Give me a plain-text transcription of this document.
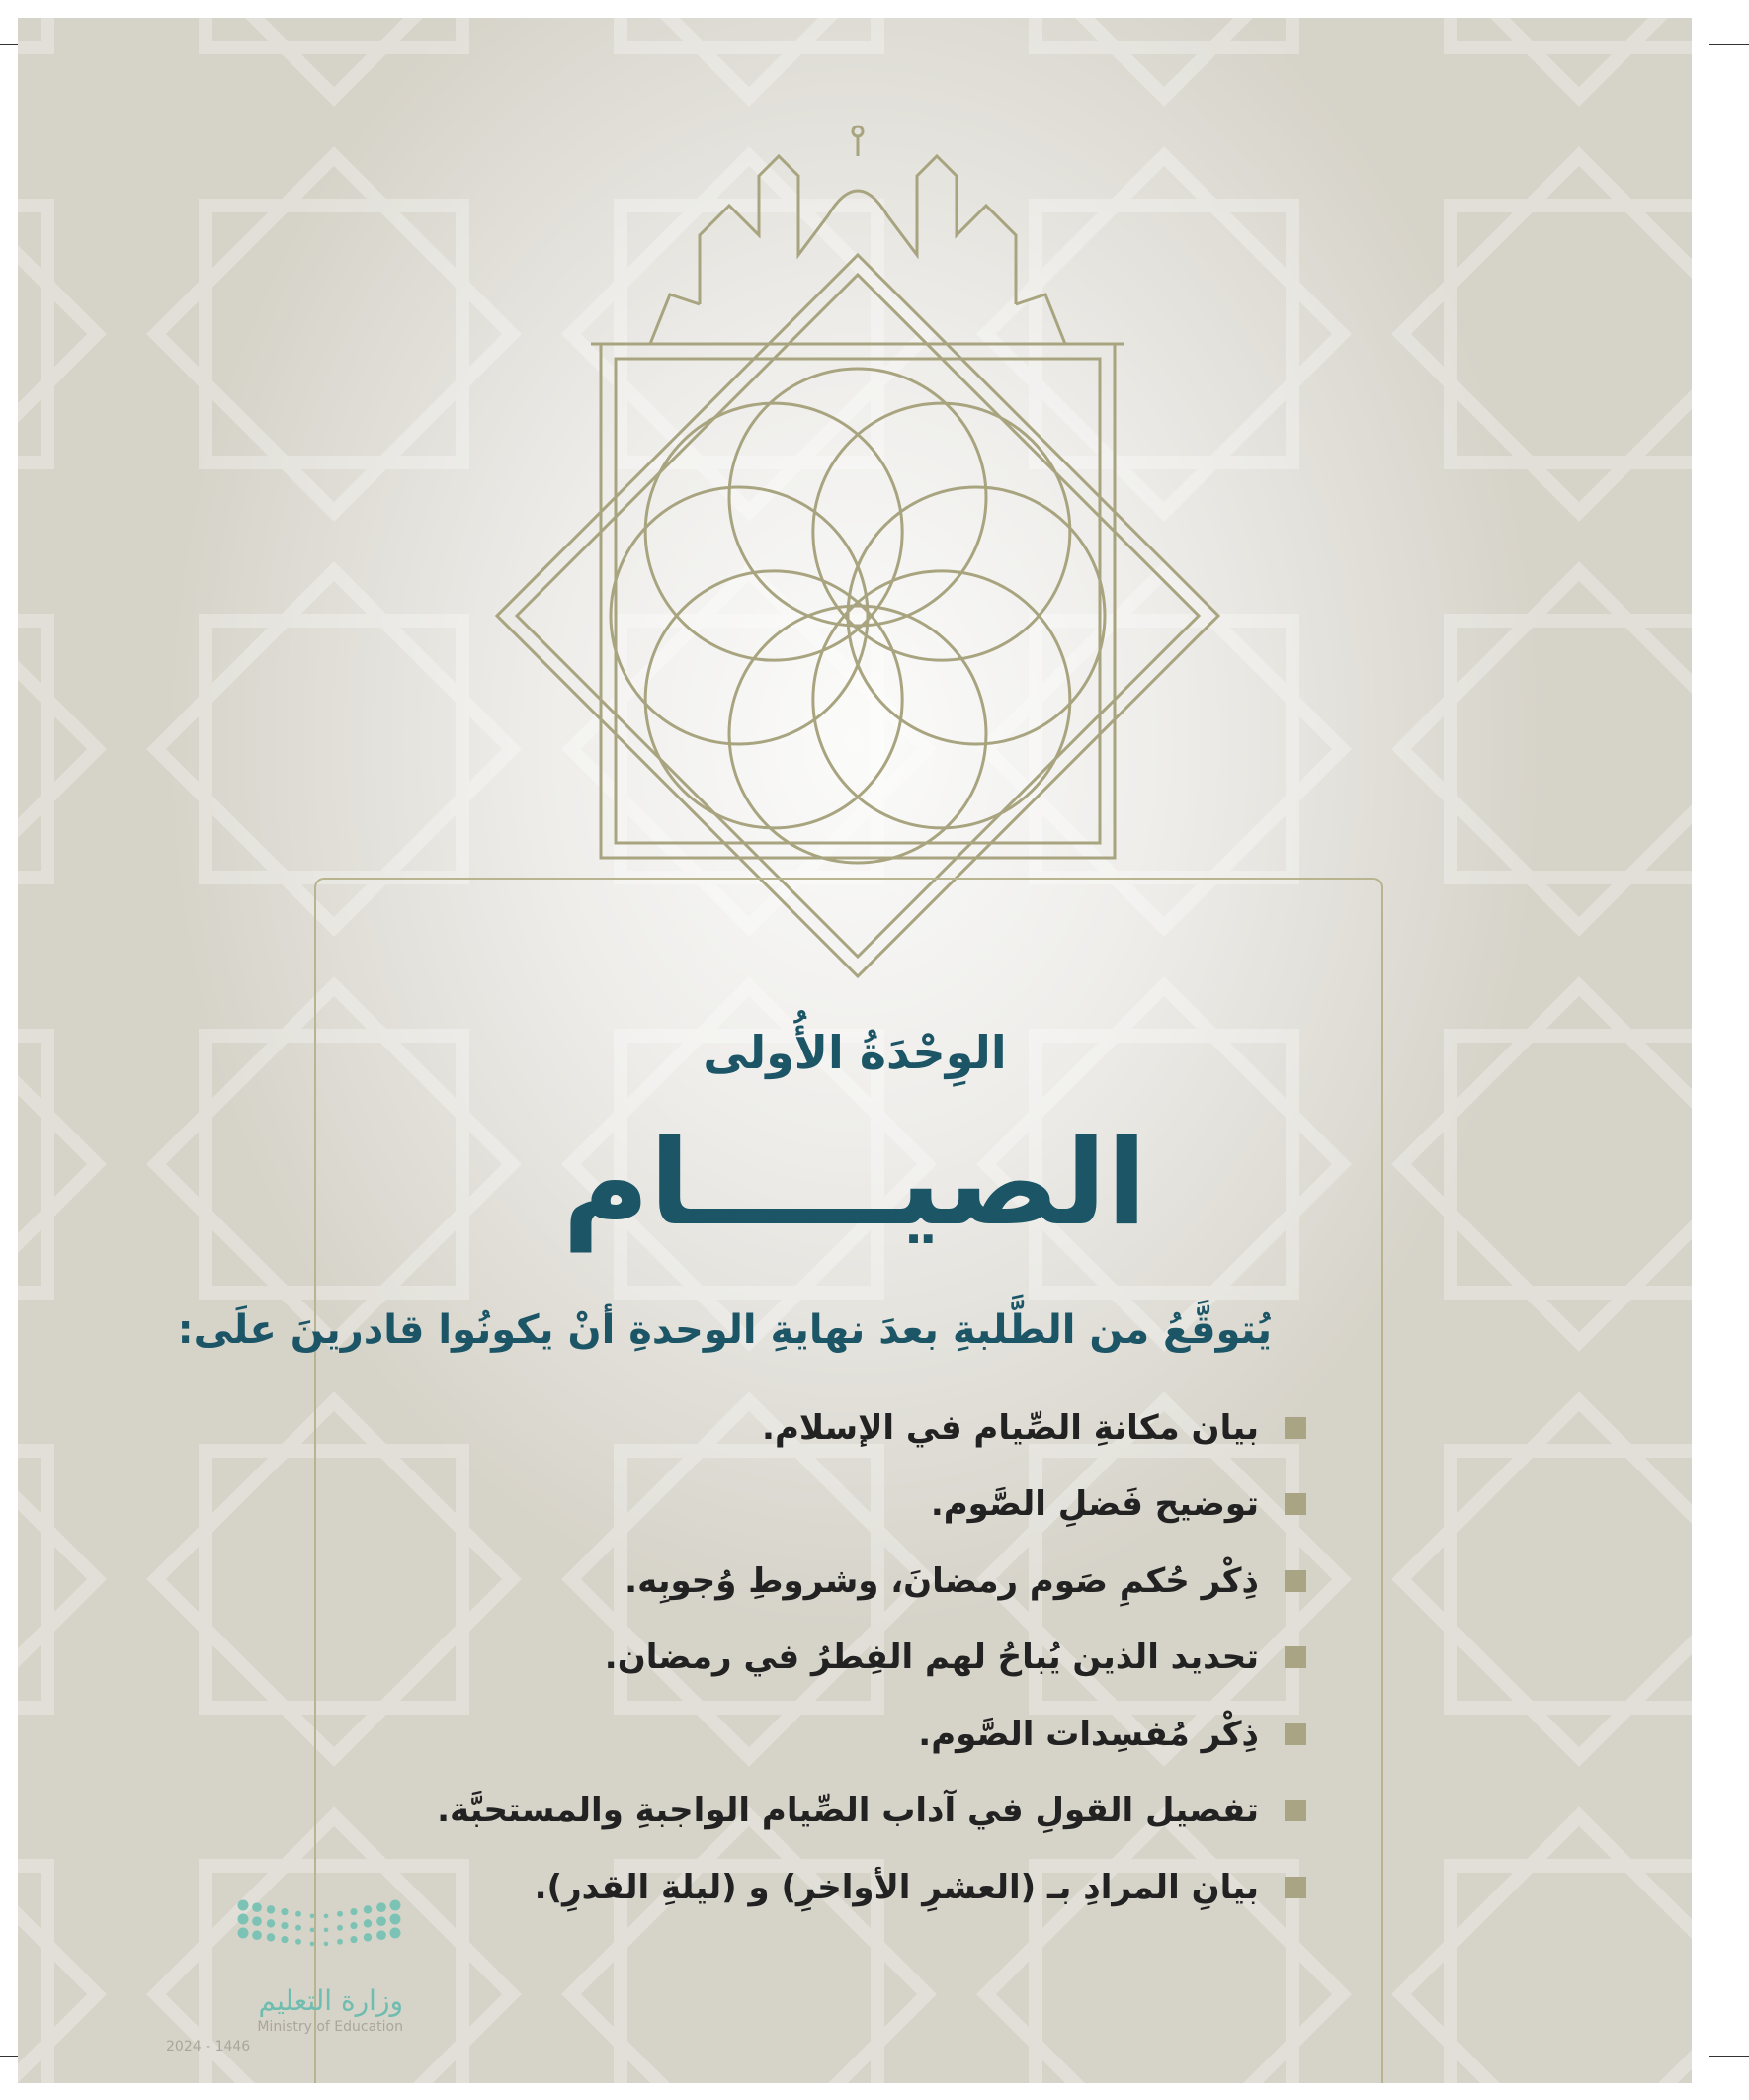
الوِحْدَةُ الأُولى
الصيـــــام
يُتوقَّعُ من الطَّلبةِ بعدَ نهايةِ الوحدةِ أنْ يكونُوا قادرينَ علَى:
بيان مكانةِ الصِّيام في الإسلام.
توضيح فَضلِ الصَّوم.
ذِكْر حُكمِ صَوم رمضانَ، وشروطِ وُجوبِه.
تحديد الذين يُباحُ لهم الفِطرُ في رمضان.
ذِكْر مُفسِدات الصَّوم.
تفصيل القولِ في آداب الصِّيام الواجبةِ والمستحبَّة.
بيانِ المرادِ بـ (العشرِ الأواخرِ) و (ليلةِ القدرِ).
وزارة التعليم
Ministry of Education
2024 - 1446
